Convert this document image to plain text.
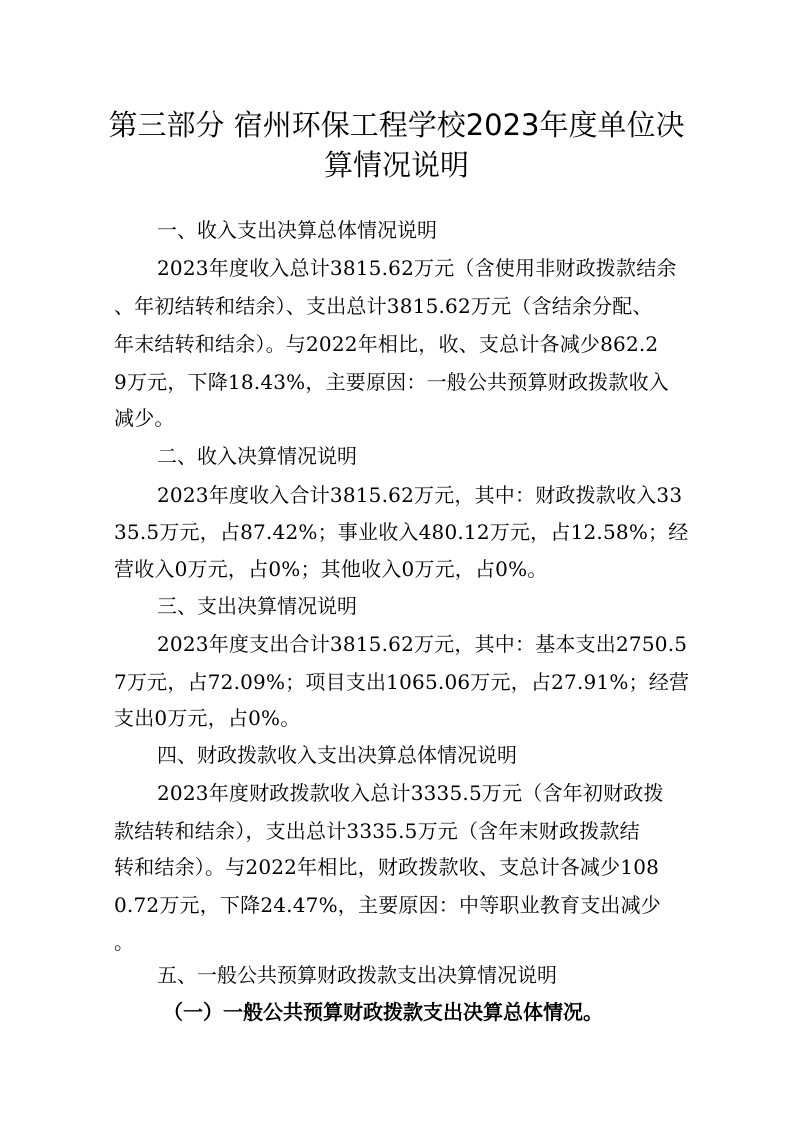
第三部分 宿州环保工程学校2023年度单位决
算情况说明
一、收入支出决算总体情况说明
2023年度收入总计3815.62万元（含使用非财政拨款结余
、年初结转和结余）、支出总计3815.62万元（含结余分配、
年末结转和结余）。与2022年相比，收、支总计各减少862.2
9万元，下降18.43%，主要原因：一般公共预算财政拨款收入
减少。
二、收入决算情况说明
2023年度收入合计3815.62万元，其中：财政拨款收入33
35.5万元，占87.42%；事业收入480.12万元，占12.58%；经
营收入0万元，占0%；其他收入0万元，占0%。
三、支出决算情况说明
2023年度支出合计3815.62万元，其中：基本支出2750.5
7万元，占72.09%；项目支出1065.06万元，占27.91%；经营
支出0万元，占0%。
四、财政拨款收入支出决算总体情况说明
2023年度财政拨款收入总计3335.5万元（含年初财政拨
款结转和结余），支出总计3335.5万元（含年末财政拨款结
转和结余）。与2022年相比，财政拨款收、支总计各减少108
0.72万元，下降24.47%，主要原因：中等职业教育支出减少
。
五、一般公共预算财政拨款支出决算情况说明
（一）一般公共预算财政拨款支出决算总体情况。
